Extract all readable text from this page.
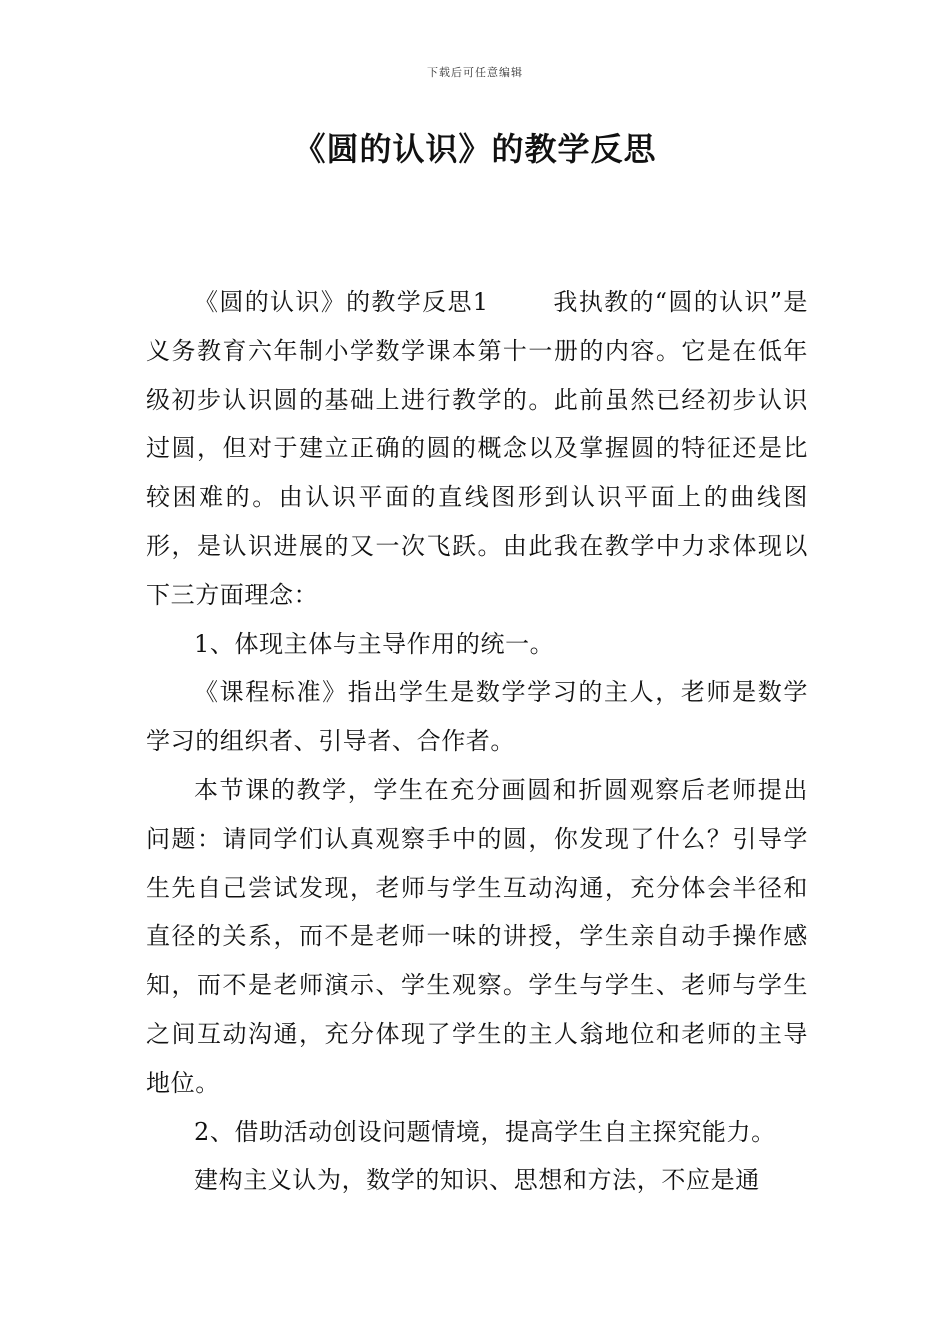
下载后可任意编辑
《圆的认识》的教学反思

《圆的认识》的教学反思1	我执教的“圆的认识”是义务教育六年制小学数学课本第十一册的内容。它是在低年级初步认识圆的基础上进行教学的。此前虽然已经初步认识过圆，但对于建立正确的圆的概念以及掌握圆的特征还是比较困难的。由认识平面的直线图形到认识平面上的曲线图形，是认识进展的又一次飞跃。由此我在教学中力求体现以下三方面理念：

1、体现主体与主导作用的统一。

《课程标准》指出学生是数学学习的主人，老师是数学学习的组织者、引导者、合作者。

本节课的教学，学生在充分画圆和折圆观察后老师提出问题：请同学们认真观察手中的圆，你发现了什么？引导学生先自己尝试发现，老师与学生互动沟通，充分体会半径和直径的关系，而不是老师一味的讲授，学生亲自动手操作感知，而不是老师演示、学生观察。学生与学生、老师与学生之间互动沟通，充分体现了学生的主人翁地位和老师的主导地位。

2、借助活动创设问题情境，提高学生自主探究能力。

建构主义认为，数学的知识、思想和方法，不应是通
